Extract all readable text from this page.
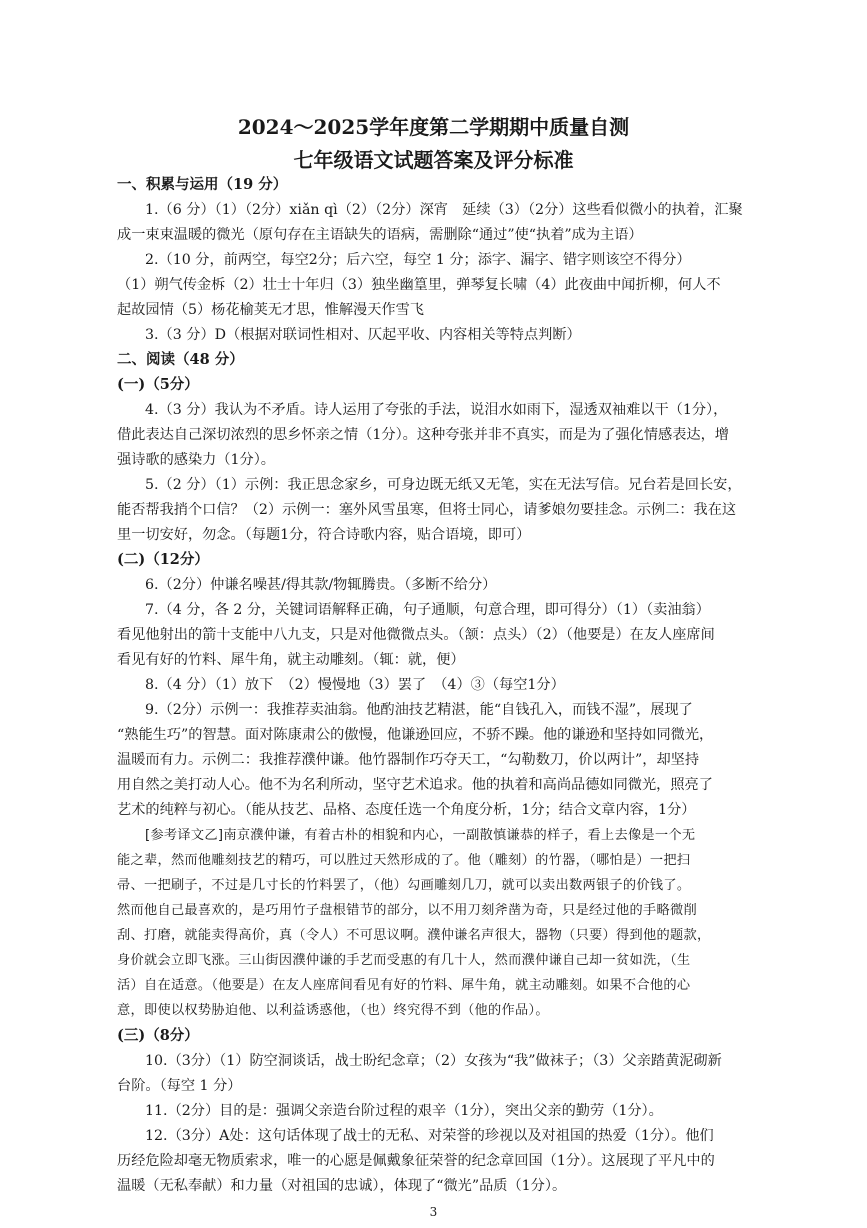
2024～2025学年度第二学期期中质量自测
七年级语文试题答案及评分标准
一、积累与运用（19 分）
1.（6 分）（1）（2分）xiǎn qì（2）（2分）深宵　延续（3）（2分）这些看似微小的执着，汇聚
成一束束温暖的微光（原句存在主语缺失的语病，需删除“通过”使“执着”成为主语）
2.（10 分，前两空，每空2分；后六空，每空 1 分；添字、漏字、错字则该空不得分）
（1）朔气传金柝（2）壮士十年归（3）独坐幽篁里，弹琴复长啸（4）此夜曲中闻折柳，何人不
起故园情（5）杨花榆荚无才思，惟解漫天作雪飞
3.（3 分）D（根据对联词性相对、仄起平收、内容相关等特点判断）
二、阅读（48 分）
(一)（5分）
4.（3 分）我认为不矛盾。诗人运用了夸张的手法，说泪水如雨下，湿透双袖难以干（1分），
借此表达自己深切浓烈的思乡怀亲之情（1分）。这种夸张并非不真实，而是为了强化情感表达，增
强诗歌的感染力（1分）。
5.（2 分）（1）示例：我正思念家乡，可身边既无纸又无笔，实在无法写信。兄台若是回长安，
能否帮我捎个口信？（2）示例一：塞外风雪虽寒，但将士同心，请爹娘勿要挂念。示例二：我在这
里一切安好，勿念。（每题1分，符合诗歌内容，贴合语境，即可）
(二)（12分）
6.（2分）仲谦名噪甚/得其款/物辄腾贵。（多断不给分）
7.（4 分，各 2 分，关键词语解释正确，句子通顺，句意合理，即可得分）（1）（卖油翁）
看见他射出的箭十支能中八九支，只是对他微微点头。（颔：点头）（2）（他要是）在友人座席间
看见有好的竹料、犀牛角，就主动雕刻。（辄：就，便）
8.（4 分）（1）放下　（2）慢慢地（3）罢了　（4）③（每空1分）
9.（2分）示例一：我推荐卖油翁。他酌油技艺精湛，能“自钱孔入，而钱不湿”，展现了
“熟能生巧”的智慧。面对陈康肃公的傲慢，他谦逊回应，不骄不躁。他的谦逊和坚持如同微光，
温暖而有力。示例二：我推荐濮仲谦。他竹器制作巧夺天工，“勾勒数刀，价以两计”，却坚持
用自然之美打动人心。他不为名利所动，坚守艺术追求。他的执着和高尚品德如同微光，照亮了
艺术的纯粹与初心。（能从技艺、品格、态度任选一个角度分析，1分；结合文章内容，1分）
[参考译文乙]南京濮仲谦，有着古朴的相貌和内心，一副散慎谦恭的样子，看上去像是一个无
能之辈，然而他雕刻技艺的精巧，可以胜过天然形成的了。他（雕刻）的竹器，（哪怕是）一把扫
帚、一把刷子，不过是几寸长的竹料罢了，（他）勾画雕刻几刀，就可以卖出数两银子的价钱了。
然而他自己最喜欢的，是巧用竹子盘根错节的部分，以不用刀刻斧凿为奇，只是经过他的手略微削
刮、打磨，就能卖得高价，真（令人）不可思议啊。濮仲谦名声很大，器物（只要）得到他的题款，
身价就会立即飞涨。三山街因濮仲谦的手艺而受惠的有几十人，然而濮仲谦自己却一贫如洗，（生
活）自在适意。（他要是）在友人座席间看见有好的竹料、犀牛角，就主动雕刻。如果不合他的心
意，即使以权势胁迫他、以利益诱惑他，（也）终究得不到（他的作品）。
(三)（8分）
10.（3分）（1）防空洞谈话，战士盼纪念章；（2）女孩为“我”做袜子；（3）父亲踏黄泥砌新
台阶。（每空 1 分）
11.（2分）目的是：强调父亲造台阶过程的艰辛（1分），突出父亲的勤劳（1分）。
12.（3分）A处：这句话体现了战士的无私、对荣誉的珍视以及对祖国的热爱（1分）。他们
历经危险却毫无物质索求，唯一的心愿是佩戴象征荣誉的纪念章回国（1分）。这展现了平凡中的
温暖（无私奉献）和力量（对祖国的忠诚），体现了“微光”品质（1分）。
3
